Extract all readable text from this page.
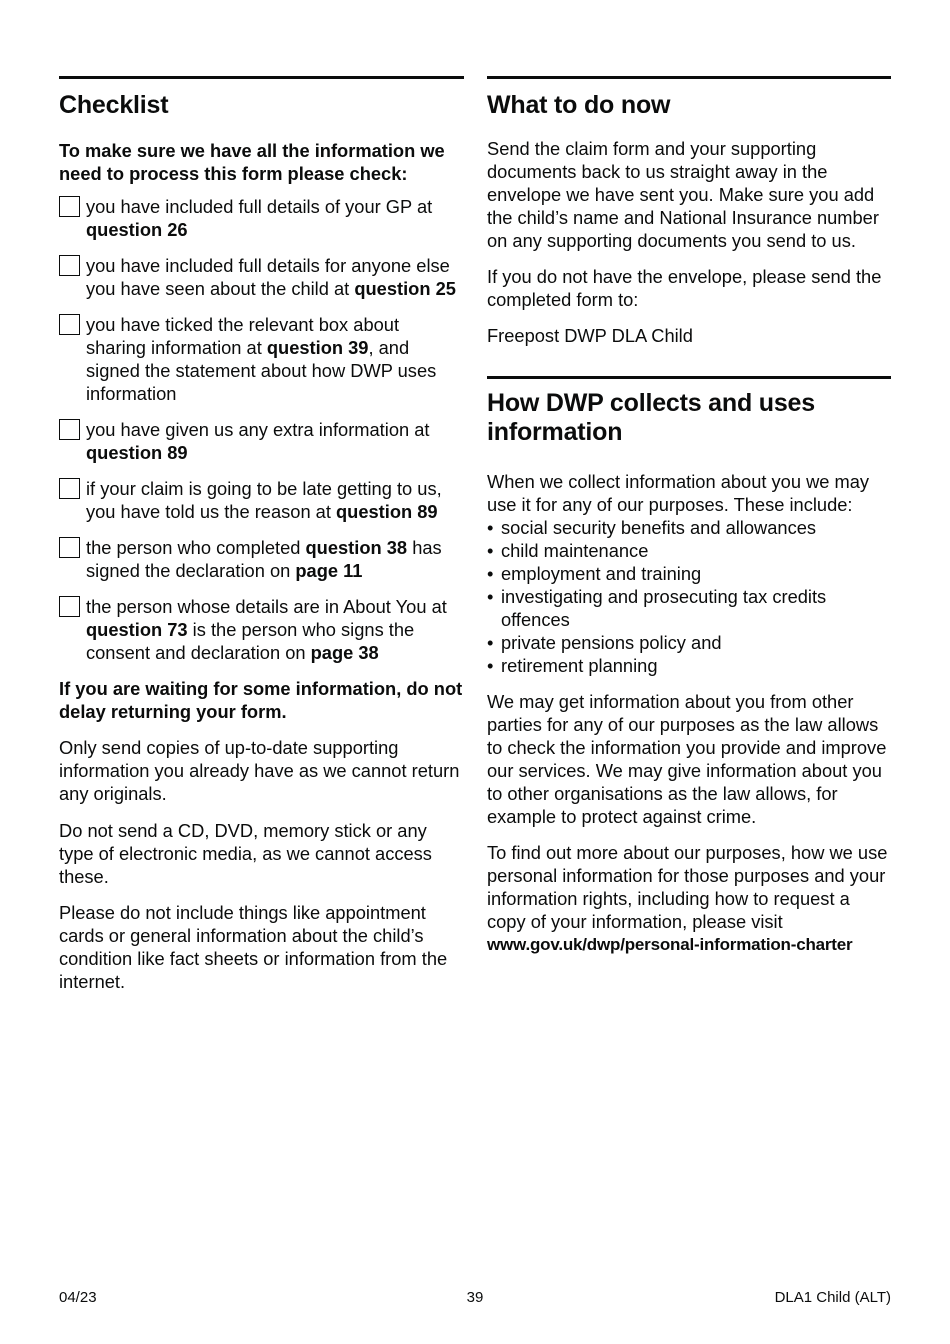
Checklist

To make sure we have all the information we need to process this form please check:

you have included full details of your GP at question 26
you have included full details for anyone else you have seen about the child at question 25
you have ticked the relevant box about sharing information at question 39, and signed the statement about how DWP uses information
you have given us any extra information at question 89
if your claim is going to be late getting to us, you have told us the reason at question 89
the person who completed question 38 has signed the declaration on page 11
the person whose details are in About You at question 73 is the person who signs the consent and declaration on page 38

If you are waiting for some information, do not delay returning your form.

Only send copies of up-to-date supporting information you already have as we cannot return any originals.

Do not send a CD, DVD, memory stick or any type of electronic media, as we cannot access these.

Please do not include things like appointment cards or general information about the child’s condition like fact sheets or information from the internet.

What to do now

Send the claim form and your supporting documents back to us straight away in the envelope we have sent you. Make sure you add the child’s name and National Insurance number on any supporting documents you send to us.

If you do not have the envelope, please send the completed form to:

Freepost DWP DLA Child

How DWP collects and uses information

When we collect information about you we may use it for any of our purposes. These include:

• social security benefits and allowances
• child maintenance
• employment and training
• investigating and prosecuting tax credits offences
• private pensions policy and
• retirement planning

We may get information about you from other parties for any of our purposes as the law allows to check the information you provide and improve our services. We may give information about you to other organisations as the law allows, for example to protect against crime.

To find out more about our purposes, how we use personal information for those purposes and your information rights, including how to request a copy of your information, please visit

www.gov.uk/dwp/personal-information-charter
04/23	39	DLA1 Child (ALT)
